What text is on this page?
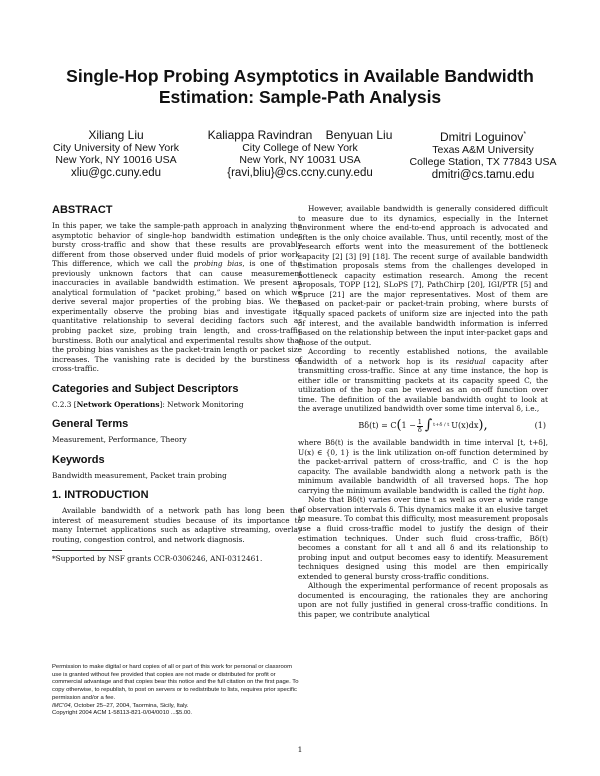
Single-Hop Probing Asymptotics in Available Bandwidth
Estimation: Sample-Path Analysis
Xiliang Liu
City University of New York
New York, NY 10016 USA
xliu@gc.cuny.edu
Kaliappa Ravindran Benyuan Liu
City College of New York
New York, NY 10031 USA
{ravi,bliu}@cs.ccny.cuny.edu
Dmitri Loguinov*
Texas A&M University
College Station, TX 77843 USA
dmitri@cs.tamu.edu
ABSTRACT

In this paper, we take the sample-path approach in analyzing the asymptotic behavior of single-hop bandwidth estimation under bursty cross-traffic and show that these results are provably different from those observed under fluid models of prior work. This difference, which we call the probing bias, is one of the previously unknown factors that can cause measurement inaccuracies in available bandwidth estimation. We present an analytical formulation of “packet probing,” based on which we derive several major properties of the probing bias. We then experimentally observe the probing bias and investigate its quantitative relationship to several deciding factors such as probing packet size, probing train length, and cross-traffic burstiness. Both our analytical and experimental results show that the probing bias vanishes as the packet-train length or packet size increases. The vanishing rate is decided by the burstiness of cross-traffic.

Categories and Subject Descriptors

C.2.3 [Network Operations]: Network Monitoring

General Terms

Measurement, Performance, Theory

Keywords

Bandwidth measurement, Packet train probing

1. INTRODUCTION

Available bandwidth of a network path has long been the interest of measurement studies because of its importance to many Internet applications such as adaptive streaming, overlay routing, congestion control, and network diagnosis.

*Supported by NSF grants CCR-0306246, ANI-0312461.

Permission to make digital or hard copies of all or part of this work for personal or classroom use is granted without fee provided that copies are not made or distributed for profit or commercial advantage and that copies bear this notice and the full citation on the first page. To copy otherwise, to republish, to post on servers or to redistribute to lists, requires prior specific permission and/or a fee.

IMC’04, October 25–27, 2004, Taormina, Sicily, Italy.

Copyright 2004 ACM 1-58113-821-0/04/0010 ...$5.00.

However, available bandwidth is generally considered difficult to measure due to its dynamics, especially in the Internet environment where the end-to-end approach is advocated and often is the only choice available. Thus, until recently, most of the research efforts went into the measurement of the bottleneck capacity [2] [3] [9] [18]. The recent surge of available bandwidth estimation proposals stems from the challenges developed in bottleneck capacity estimation research. Among the recent proposals, TOPP [12], SLoPS [7], PathChirp [20], IGI/PTR [5] and Spruce [21] are the major representatives. Most of them are based on packet-pair or packet-train probing, where bursts of equally spaced packets of uniform size are injected into the path of interest, and the available bandwidth information is inferred based on the relationship between the input inter-packet gaps and those of the output.

According to recently established notions, the available bandwidth of a network hop is its residual capacity after transmitting cross-traffic. Since at any time instance, the hop is either idle or transmitting packets at its capacity speed C, the utilization of the hop can be viewed as an on-off function over time. The definition of the available bandwidth ought to look at the average unutilized bandwidth over some time interval δ, i.e.,

Bδ(t) = C ( $1 - \frac{1}{\delta}$ ∫ t+δ / t U(x)dx ),	(1)

where Bδ(t) is the available bandwidth in time interval [t, t+δ], U(x) ∈ {0, 1} is the link utilization on-off function determined by the packet-arrival pattern of cross-traffic, and C is the hop capacity. The available bandwidth along a network path is the minimum available bandwidth of all traversed hops. The hop carrying the minimum available bandwidth is called the tight hop.

Note that Bδ(t) varies over time t as well as over a wide range of observation intervals δ. This dynamics make it an elusive target to measure. To combat this difficulty, most measurement proposals use a fluid cross-traffic model to justify the design of their estimation techniques. Under such fluid cross-traffic, Bδ(t) becomes a constant for all t and all δ and its relationship to probing input and output becomes easy to identify. Measurement techniques designed using this model are then empirically extended to general bursty cross-traffic conditions.

Although the experimental performance of recent proposals as documented is encouraging, the rationales they are anchoring upon are not fully justified in general cross-traffic conditions. In this paper, we contribute analytical

1
